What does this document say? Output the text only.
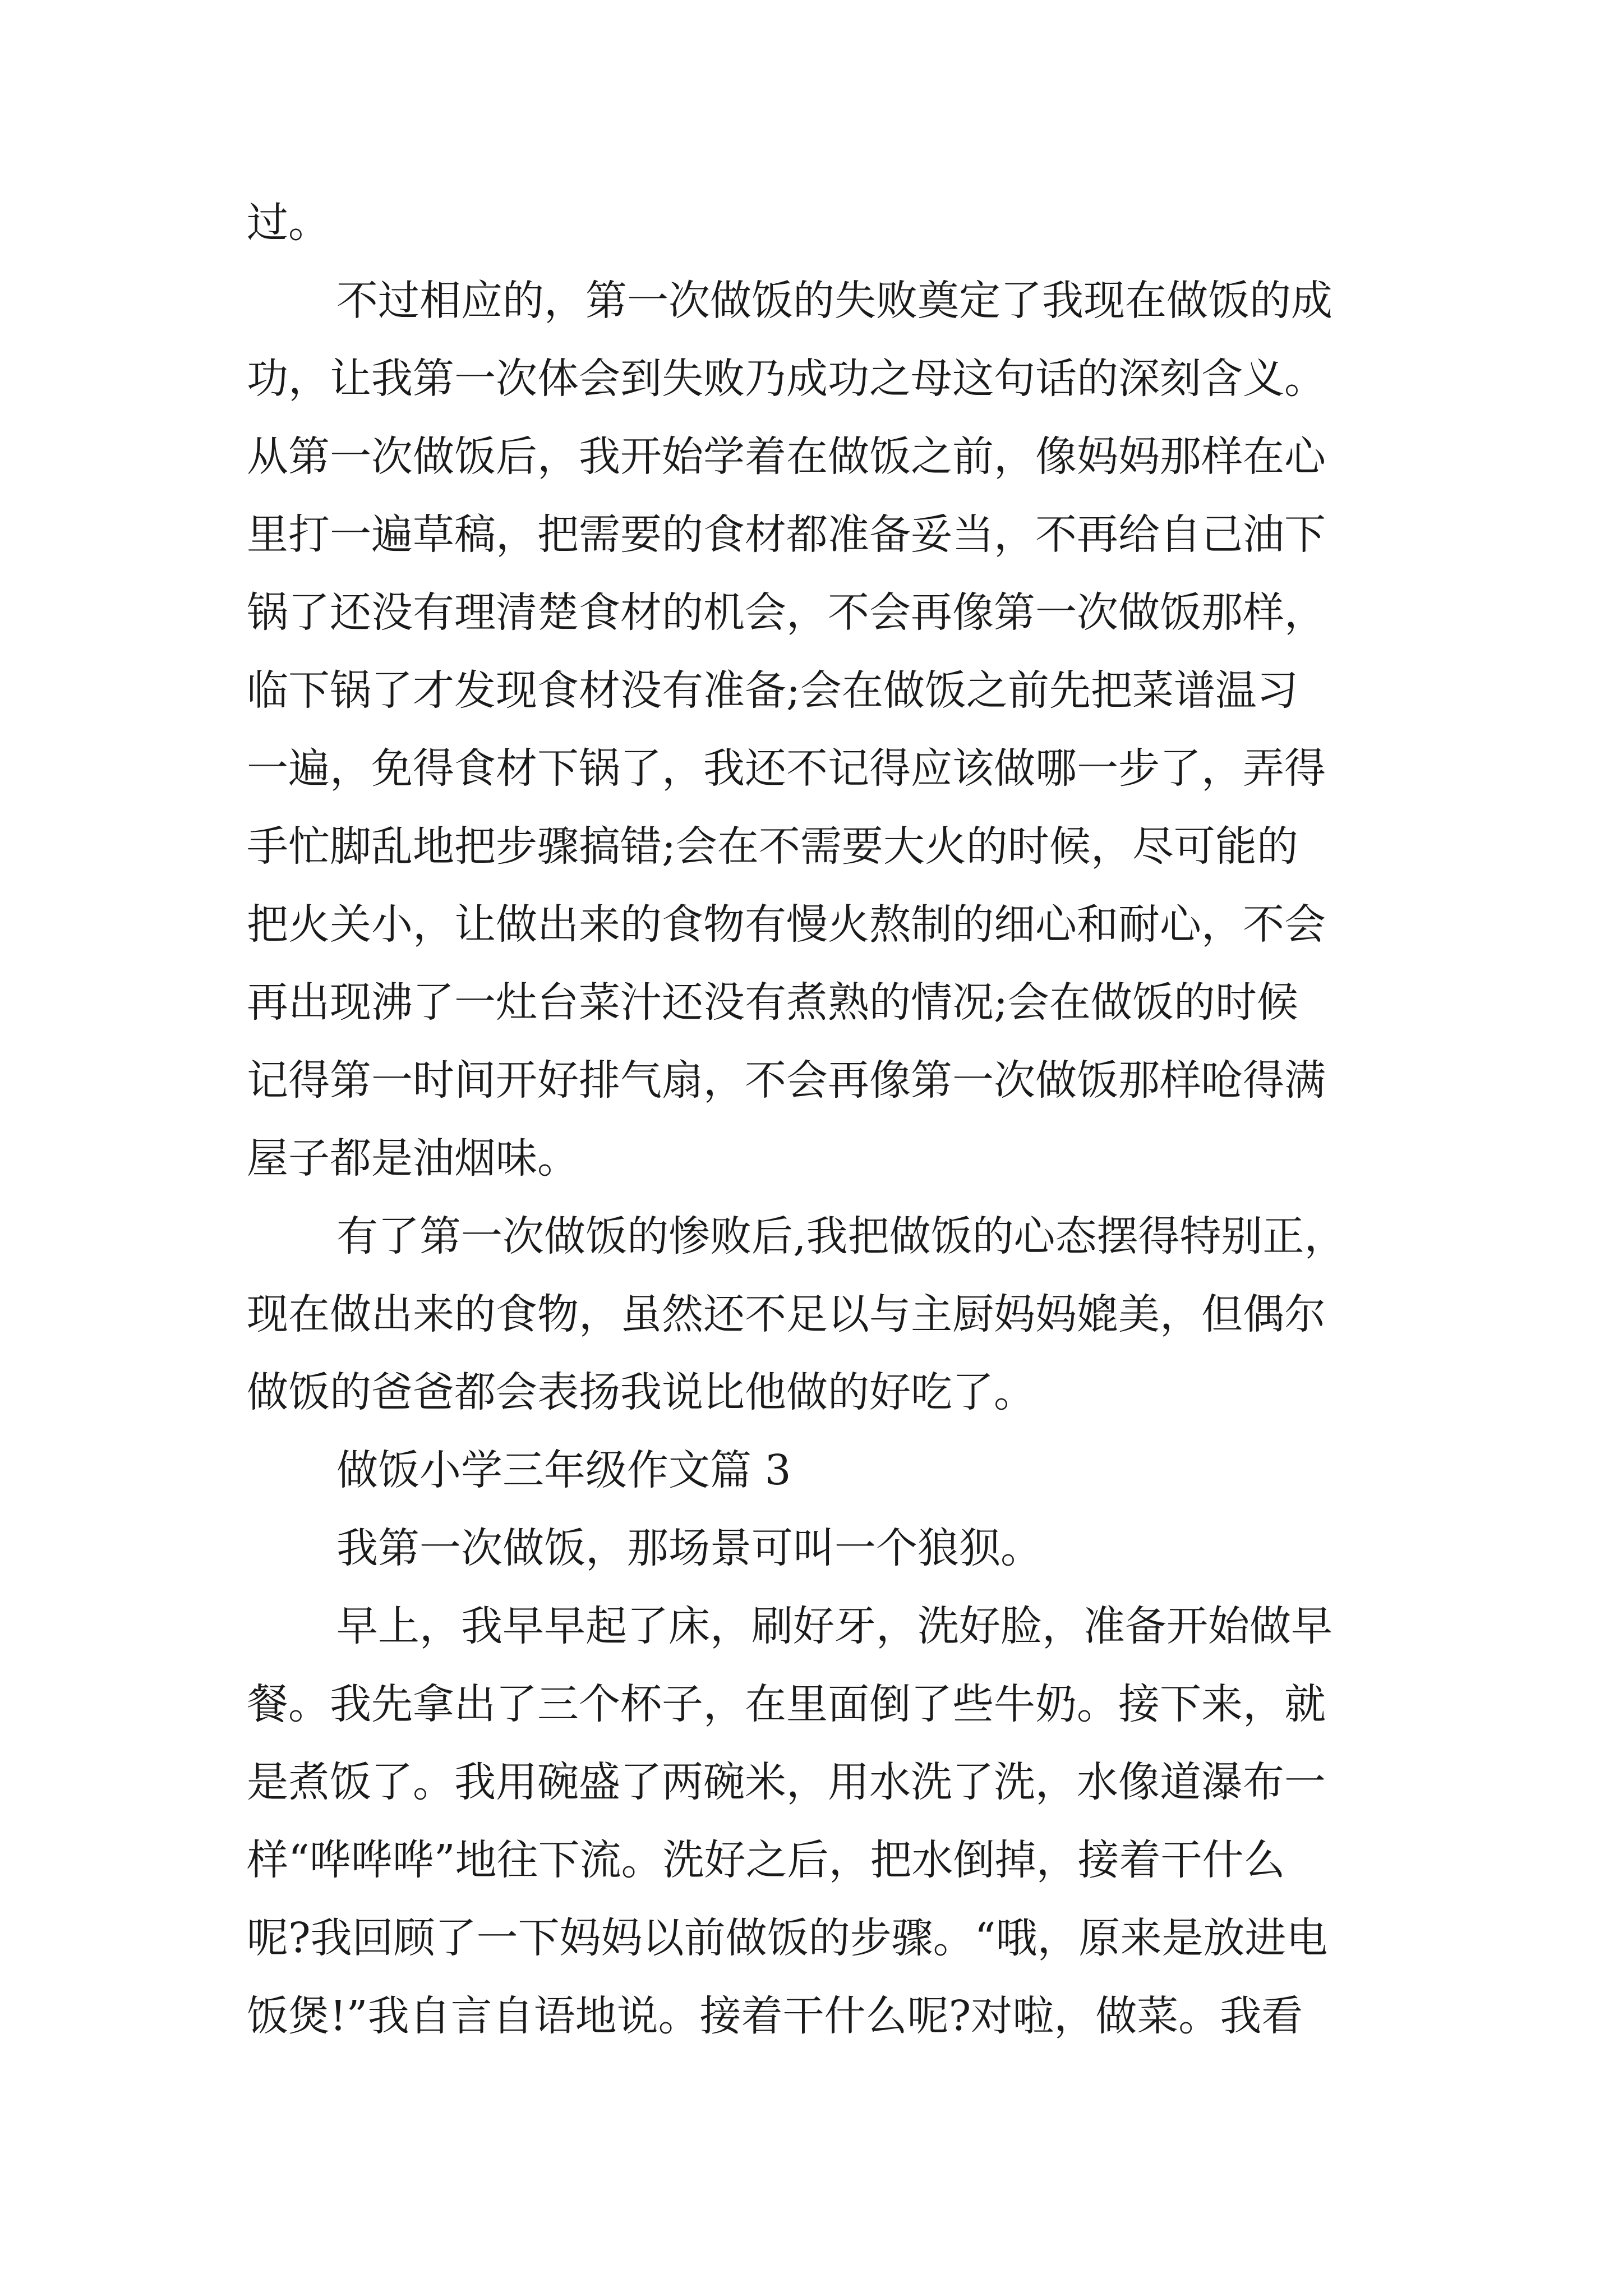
过。
不过相应的，第一次做饭的失败奠定了我现在做饭的成
功，让我第一次体会到失败乃成功之母这句话的深刻含义。
从第一次做饭后，我开始学着在做饭之前，像妈妈那样在心
里打一遍草稿，把需要的食材都准备妥当，不再给自己油下
锅了还没有理清楚食材的机会，不会再像第一次做饭那样，
临下锅了才发现食材没有准备;会在做饭之前先把菜谱温习
一遍，免得食材下锅了，我还不记得应该做哪一步了，弄得
手忙脚乱地把步骤搞错;会在不需要大火的时候，尽可能的
把火关小，让做出来的食物有慢火熬制的细心和耐心，不会
再出现沸了一灶台菜汁还没有煮熟的情况;会在做饭的时候
记得第一时间开好排气扇，不会再像第一次做饭那样呛得满
屋子都是油烟味。
有了第一次做饭的惨败后,我把做饭的心态摆得特别正，
现在做出来的食物，虽然还不足以与主厨妈妈媲美，但偶尔
做饭的爸爸都会表扬我说比他做的好吃了。
做饭小学三年级作文篇 3
我第一次做饭，那场景可叫一个狼狈。
早上，我早早起了床，刷好牙，洗好脸，准备开始做早
餐。我先拿出了三个杯子，在里面倒了些牛奶。接下来，就
是煮饭了。我用碗盛了两碗米，用水洗了洗，水像道瀑布一
样“哗哗哗”地往下流。洗好之后，把水倒掉，接着干什么
呢?我回顾了一下妈妈以前做饭的步骤。“哦，原来是放进电
饭煲!”我自言自语地说。接着干什么呢?对啦，做菜。我看
